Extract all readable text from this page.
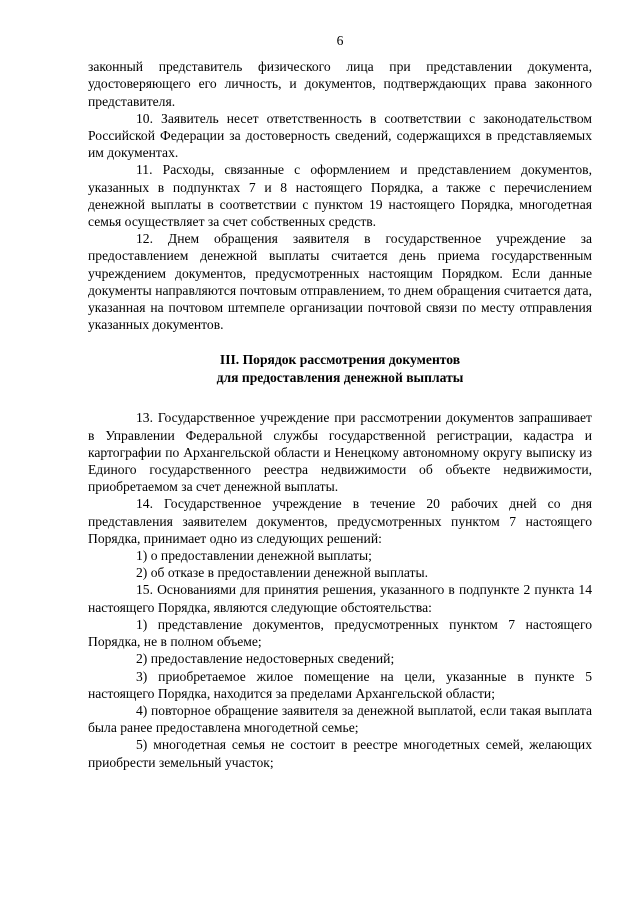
6

законный представитель физического лица при представлении документа, удостоверяющего его личность, и документов, подтверждающих права законного представителя.

10. Заявитель несет ответственность в соответствии с законодательством Российской Федерации за достоверность сведений, содержащихся в представляемых им документах.

11. Расходы, связанные с оформлением и представлением документов, указанных в подпунктах 7 и 8 настоящего Порядка, а также с перечислением денежной выплаты в соответствии с пунктом 19 настоящего Порядка, многодетная семья осуществляет за счет собственных средств.

12. Днем обращения заявителя в государственное учреждение за предоставлением денежной выплаты считается день приема государственным учреждением документов, предусмотренных настоящим Порядком. Если данные документы направляются почтовым отправлением, то днем обращения считается дата, указанная на почтовом штемпеле организации почтовой связи по месту отправления указанных документов.

III. Порядок рассмотрения документов
для предоставления денежной выплаты

13. Государственное учреждение при рассмотрении документов запрашивает в Управлении Федеральной службы государственной регистрации, кадастра и картографии по Архангельской области и Ненецкому автономному округу выписку из Единого государственного реестра недвижимости об объекте недвижимости, приобретаемом за счет денежной выплаты.

14. Государственное учреждение в течение 20 рабочих дней со дня представления заявителем документов, предусмотренных пунктом 7 настоящего Порядка, принимает одно из следующих решений:

1) о предоставлении денежной выплаты;

2) об отказе в предоставлении денежной выплаты.

15. Основаниями для принятия решения, указанного в подпункте 2 пункта 14 настоящего Порядка, являются следующие обстоятельства:

1) представление документов, предусмотренных пунктом 7 настоящего Порядка, не в полном объеме;

2) предоставление недостоверных сведений;

3) приобретаемое жилое помещение на цели, указанные в пункте 5 настоящего Порядка, находится за пределами Архангельской области;

4) повторное обращение заявителя за денежной выплатой, если такая выплата была ранее предоставлена многодетной семье;

5) многодетная семья не состоит в реестре многодетных семей, желающих приобрести земельный участок;
